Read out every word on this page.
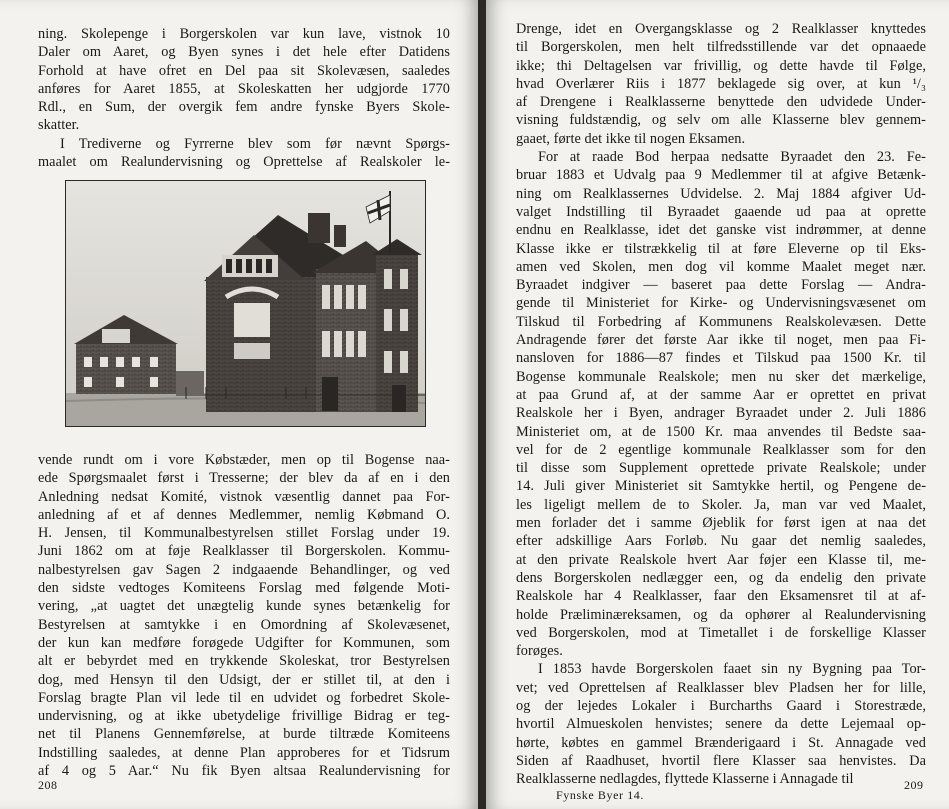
ning. Skolepenge i Borgerskolen var kun lave, vistnok 10
Daler om Aaret, og Byen synes i det hele efter Datidens
Forhold at have ofret en Del paa sit Skolevæsen, saaledes
anføres for Aaret 1855, at Skoleskatten her udgjorde 1770
Rdl., en Sum, der overgik fem andre fynske Byers Skole-
skatter.
I Trediverne og Fyrrerne blev som før nævnt Spørgs-
maalet om Realundervisning og Oprettelse af Realskoler le-
vende rundt om i vore Købstæder, men op til Bogense naa-
ede Spørgsmaalet først i Tresserne; der blev da af en i den
Anledning nedsat Komité, vistnok væsentlig dannet paa For-
anledning af et af dennes Medlemmer, nemlig Købmand O.
H. Jensen, til Kommunalbestyrelsen stillet Forslag under 19.
Juni 1862 om at føje Realklasser til Borgerskolen. Kommu-
nalbestyrelsen gav Sagen 2 indgaaende Behandlinger, og ved
den sidste vedtoges Komiteens Forslag med følgende Moti-
vering, „at uagtet det unægtelig kunde synes betænkelig for
Bestyrelsen at samtykke i en Omordning af Skolevæsenet,
der kun kan medføre forøgede Udgifter for Kommunen, som
alt er bebyrdet med en trykkende Skoleskat, tror Bestyrelsen
dog, med Hensyn til den Udsigt, der er stillet til, at den i
Forslag bragte Plan vil lede til en udvidet og forbedret Skole-
undervisning, og at ikke ubetydelige frivillige Bidrag er teg-
net til Planens Gennemførelse, at burde tiltræde Komiteens
Indstilling saaledes, at denne Plan approberes for et Tidsrum
af 4 og 5 Aar.“ Nu fik Byen altsaa Realundervisning for
208
Drenge, idet en Overgangsklasse og 2 Realklasser knyttedes
til Borgerskolen, men helt tilfredsstillende var det opnaaede
ikke; thi Deltagelsen var frivillig, og dette havde til Følge,
hvad Overlærer Riis i 1877 beklagede sig over, at kun ¹/₃
af Drengene i Realklasserne benyttede den udvidede Under-
visning fuldstændig, og selv om alle Klasserne blev gennem-
gaaet, førte det ikke til nogen Eksamen.
For at raade Bod herpaa nedsatte Byraadet den 23. Fe-
bruar 1883 et Udvalg paa 9 Medlemmer til at afgive Betænk-
ning om Realklassernes Udvidelse. 2. Maj 1884 afgiver Ud-
valget Indstilling til Byraadet gaaende ud paa at oprette
endnu en Realklasse, idet det ganske vist indrømmer, at denne
Klasse ikke er tilstrækkelig til at føre Eleverne op til Eks-
amen ved Skolen, men dog vil komme Maalet meget nær.
Byraadet indgiver — baseret paa dette Forslag — Andra-
gende til Ministeriet for Kirke- og Undervisningsvæsenet om
Tilskud til Forbedring af Kommunens Realskolevæsen. Dette
Andragende fører det første Aar ikke til noget, men paa Fi-
nansloven for 1886—87 findes et Tilskud paa 1500 Kr. til
Bogense kommunale Realskole; men nu sker det mærkelige,
at paa Grund af, at der samme Aar er oprettet en privat
Realskole her i Byen, andrager Byraadet under 2. Juli 1886
Ministeriet om, at de 1500 Kr. maa anvendes til Bedste saa-
vel for de 2 egentlige kommunale Realklasser som for den
til disse som Supplement oprettede private Realskole; under
14. Juli giver Ministeriet sit Samtykke hertil, og Pengene de-
les ligeligt mellem de to Skoler. Ja, man var ved Maalet,
men forlader det i samme Øjeblik for først igen at naa det
efter adskillige Aars Forløb. Nu gaar det nemlig saaledes,
at den private Realskole hvert Aar føjer een Klasse til, me-
dens Borgerskolen nedlægger een, og da endelig den private
Realskole har 4 Realklasser, faar den Eksamensret til at af-
holde Præliminæreksamen, og da ophører al Realundervisning
ved Borgerskolen, mod at Timetallet i de forskellige Klasser
forøges.
I 1853 havde Borgerskolen faaet sin ny Bygning paa Tor-
vet; ved Oprettelsen af Realklasser blev Pladsen her for lille,
og der lejedes Lokaler i Burcharths Gaard i Storestræde,
hvortil Almueskolen henvistes; senere da dette Lejemaal op-
hørte, købtes en gammel Brænderigaard i St. Annagade ved
Siden af Raadhuset, hvortil flere Klasser saa henvistes. Da
Realklasserne nedlagdes, flyttede Klasserne i Annagade til
Fynske Byer 14.
209
